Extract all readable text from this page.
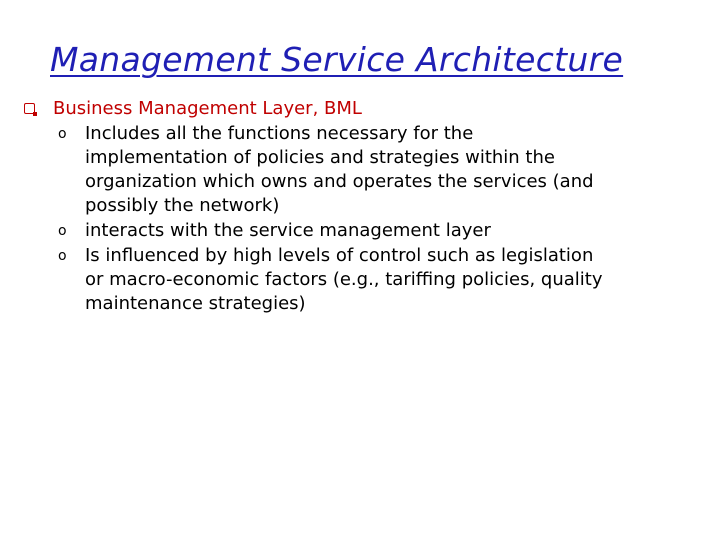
Management Service Architecture
Business Management Layer, BML
o Includes all the functions necessary for the implementation of policies and strategies within the organization which owns and operates the services (and possibly the network)
o interacts with the service management layer
o Is influenced by high levels of control such as legislation or macro-economic factors (e.g., tariffing policies, quality maintenance strategies)
